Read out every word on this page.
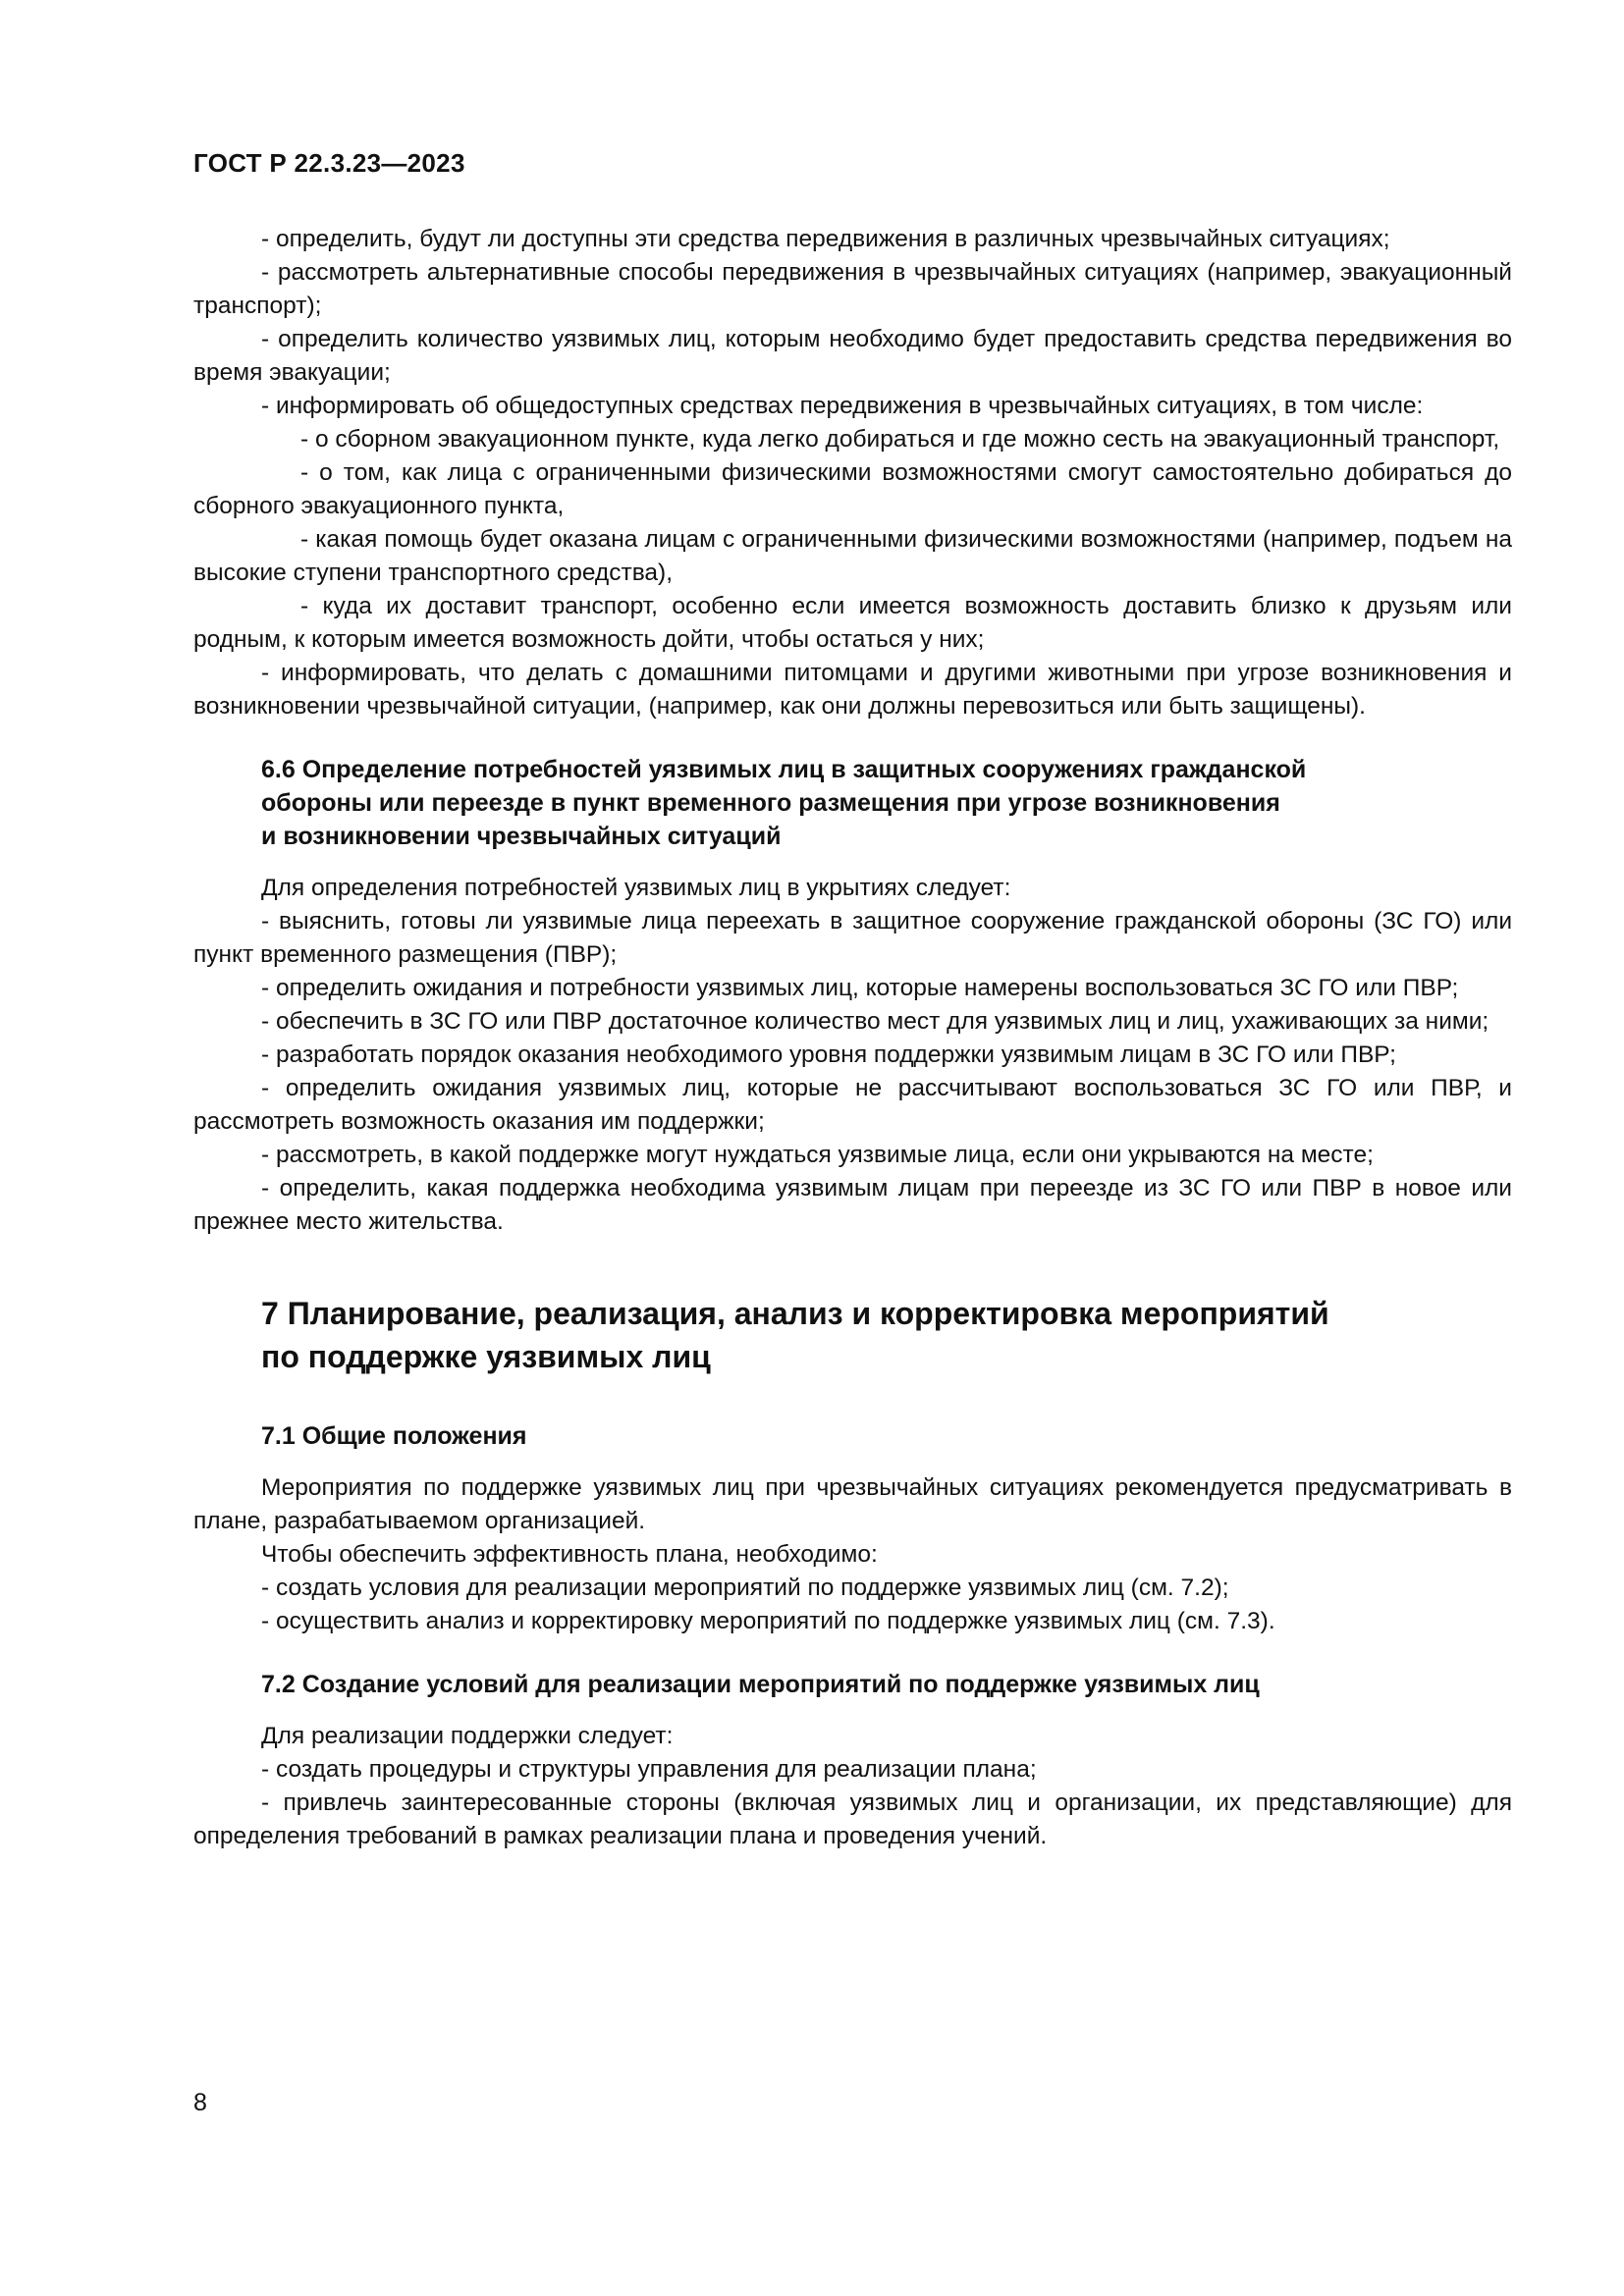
ГОСТ Р 22.3.23—2023

- определить, будут ли доступны эти средства передвижения в различных чрезвычайных ситуациях;

- рассмотреть альтернативные способы передвижения в чрезвычайных ситуациях (например, эвакуационный транспорт);

- определить количество уязвимых лиц, которым необходимо будет предоставить средства передвижения во время эвакуации;

- информировать об общедоступных средствах передвижения в чрезвычайных ситуациях, в том числе:

- о сборном эвакуационном пункте, куда легко добираться и где можно сесть на эвакуационный транспорт,

- о том, как лица с ограниченными физическими возможностями смогут самостоятельно добираться до сборного эвакуационного пункта,

- какая помощь будет оказана лицам с ограниченными физическими возможностями (например, подъем на высокие ступени транспортного средства),

- куда их доставит транспорт, особенно если имеется возможность доставить близко к друзьям или родным, к которым имеется возможность дойти, чтобы остаться у них;

- информировать, что делать с домашними питомцами и другими животными при угрозе возникновения и возникновении чрезвычайной ситуации, (например, как они должны перевозиться или быть защищены).

6.6 Определение потребностей уязвимых лиц в защитных сооружениях гражданской
обороны или переезде в пункт временного размещения при угрозе возникновения
и возникновении чрезвычайных ситуаций

Для определения потребностей уязвимых лиц в укрытиях следует:

- выяснить, готовы ли уязвимые лица переехать в защитное сооружение гражданской обороны (ЗС ГО) или пункт временного размещения (ПВР);

- определить ожидания и потребности уязвимых лиц, которые намерены воспользоваться ЗС ГО или ПВР;

- обеспечить в ЗС ГО или ПВР достаточное количество мест для уязвимых лиц и лиц, ухаживающих за ними;

- разработать порядок оказания необходимого уровня поддержки уязвимым лицам в ЗС ГО или ПВР;

- определить ожидания уязвимых лиц, которые не рассчитывают воспользоваться ЗС ГО или ПВР, и рассмотреть возможность оказания им поддержки;

- рассмотреть, в какой поддержке могут нуждаться уязвимые лица, если они укрываются на месте;

- определить, какая поддержка необходима уязвимым лицам при переезде из ЗС ГО или ПВР в новое или прежнее место жительства.

7 Планирование, реализация, анализ и корректировка мероприятий
по поддержке уязвимых лиц
7.1 Общие положения

Мероприятия по поддержке уязвимых лиц при чрезвычайных ситуациях рекомендуется предусматривать в плане, разрабатываемом организацией.

Чтобы обеспечить эффективность плана, необходимо:

- создать условия для реализации мероприятий по поддержке уязвимых лиц (см. 7.2);

- осуществить анализ и корректировку мероприятий по поддержке уязвимых лиц (см. 7.3).

7.2 Создание условий для реализации мероприятий по поддержке уязвимых лиц

Для реализации поддержки следует:

- создать процедуры и структуры управления для реализации плана;

- привлечь заинтересованные стороны (включая уязвимых лиц и организации, их представляющие) для определения требований в рамках реализации плана и проведения учений.

8
